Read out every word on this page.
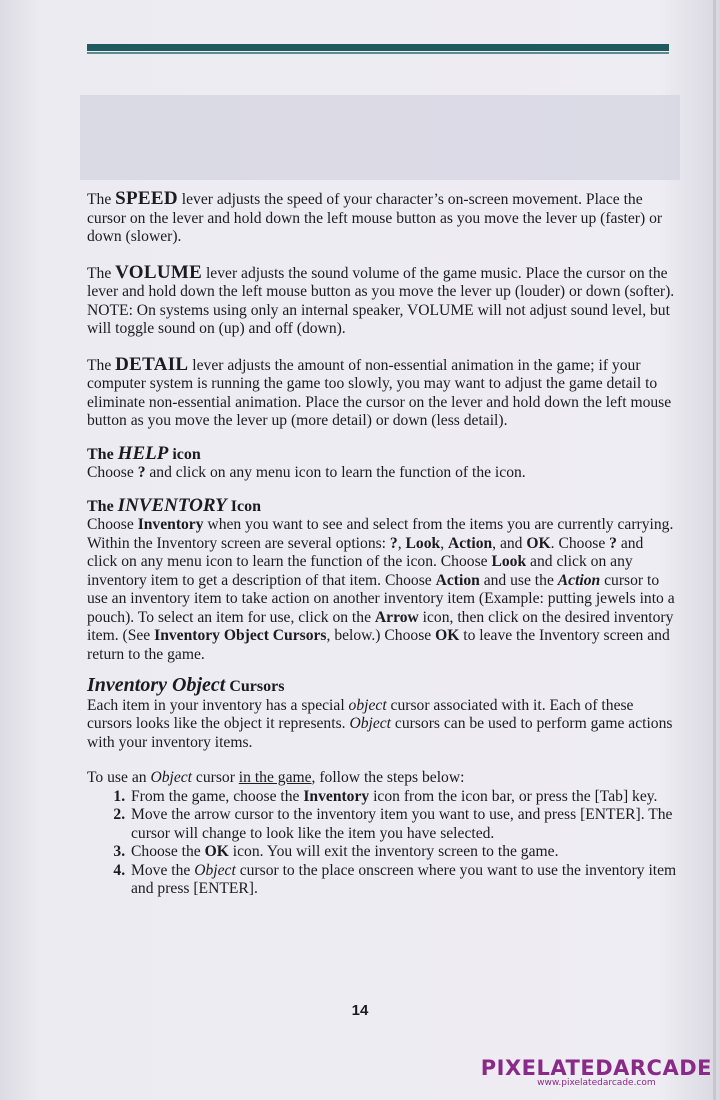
The SPEED lever adjusts the speed of your character’s on-screen movement. Place the cursor on the lever and hold down the left mouse button as you move the lever up (faster) or down (slower).

The VOLUME lever adjusts the sound volume of the game music. Place the cursor on the lever and hold down the left mouse button as you move the lever up (louder) or down (softer). NOTE: On systems using only an internal speaker, VOLUME will not adjust sound level, but will toggle sound on (up) and off (down).

The DETAIL lever adjusts the amount of non-essential animation in the game; if your computer system is running the game too slowly, you may want to adjust the game detail to eliminate non-essential animation. Place the cursor on the lever and hold down the left mouse button as you move the lever up (more detail) or down (less detail).

The HELP icon

Choose ? and click on any menu icon to learn the function of the icon.

The INVENTORY Icon

Choose Inventory when you want to see and select from the items you are currently carrying. Within the Inventory screen are several options: ?, Look, Action, and OK. Choose ? and click on any menu icon to learn the function of the icon. Choose Look and click on any inventory item to get a description of that item. Choose Action and use the Action cursor to use an inventory item to take action on another inventory item (Example: putting jewels into a pouch). To select an item for use, click on the Arrow icon, then click on the desired inventory item. (See Inventory Object Cursors, below.) Choose OK to leave the Inventory screen and return to the game.

Inventory Object Cursors

Each item in your inventory has a special object cursor associated with it. Each of these cursors looks like the object it represents. Object cursors can be used to perform game actions with your inventory items.

To use an Object cursor in the game, follow the steps below:

1. From the game, choose the Inventory icon from the icon bar, or press the [Tab] key.
2. Move the arrow cursor to the inventory item you want to use, and press [ENTER]. The cursor will change to look like the item you have selected.
3. Choose the OK icon. You will exit the inventory screen to the game.
4. Move the Object cursor to the place onscreen where you want to use the inventory item and press [ENTER].
14
PIXELATEDARCADE
www.pixelatedarcade.com
